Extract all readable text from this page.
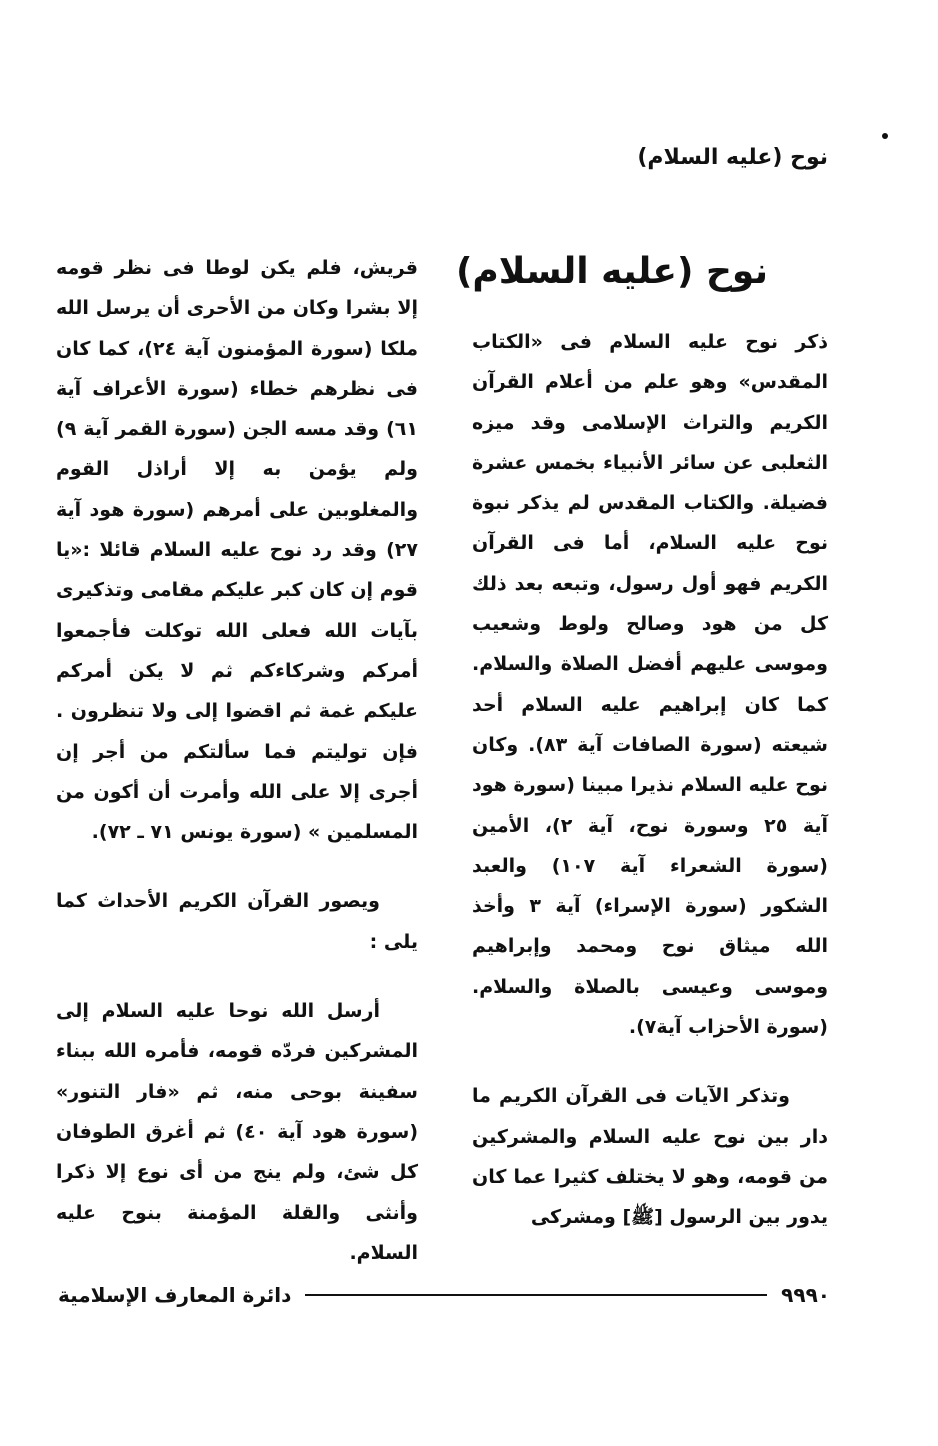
نوح (عليه السلام)
نوح (عليه السلام)

ذكر نوح عليه السلام فى «الكتاب المقدس» وهو علم من أعلام القرآن الكريم والتراث الإسلامى وقد ميزه الثعلبى عن سائر الأنبياء بخمس عشرة فضيلة. والكتاب المقدس لم يذكر نبوة نوح عليه السلام، أما فى القرآن الكريم فهو أول رسول، وتبعه بعد ذلك كل من هود وصالح ولوط وشعيب وموسى عليهم أفضل الصلاة والسلام. كما كان إبراهيم عليه السلام أحد شيعته (سورة الصافات آية ٨٣). وكان نوح عليه السلام نذيرا مبينا (سورة هود آية ٢٥ وسورة نوح، آية ٢)، الأمين (سورة الشعراء آية ١٠٧) والعبد الشكور (سورة الإسراء) آية ٣ وأخذ الله ميثاق نوح ومحمد وإبراهيم وموسى وعيسى بالصلاة والسلام. (سورة الأحزاب آية٧).

وتذكر الآيات فى القرآن الكريم ما دار بين نوح عليه السلام والمشركين من قومه، وهو لا يختلف كثيرا عما كان يدور بين الرسول [ﷺ] ومشركى

قريش، فلم يكن لوطا فى نظر قومه إلا بشرا وكان من الأحرى أن يرسل الله ملكا (سورة المؤمنون آية ٢٤)، كما كان فى نظرهم خطاء (سورة الأعراف آية ٦١) وقد مسه الجن (سورة القمر آية ٩) ولم يؤمن به إلا أراذل القوم والمغلوبين على أمرهم (سورة هود آية ٢٧) وقد رد نوح عليه السلام قائلا :«يا قوم إن كان كبر عليكم مقامى وتذكيرى بآيات الله فعلى الله توكلت فأجمعوا أمركم وشركاءكم ثم لا يكن أمركم عليكم غمة ثم اقضوا إلى ولا تنظرون . فإن توليتم فما سألتكم من أجر إن أجرى إلا على الله وأمرت أن أكون من المسلمين » (سورة يونس ٧١ ـ ٧٢).

ويصور القرآن الكريم الأحداث كما يلى :

أرسل الله نوحا عليه السلام إلى المشركين فردّه قومه، فأمره الله ببناء سفينة بوحى منه، ثم «فار التنور» (سورة هود آية ٤٠) ثم أغرق الطوفان كل شئ، ولم ينج من أى نوع إلا ذكرا وأنثى والقلة المؤمنة بنوح عليه السلام.

٩٩٩٠
دائرة المعارف الإسلامية
